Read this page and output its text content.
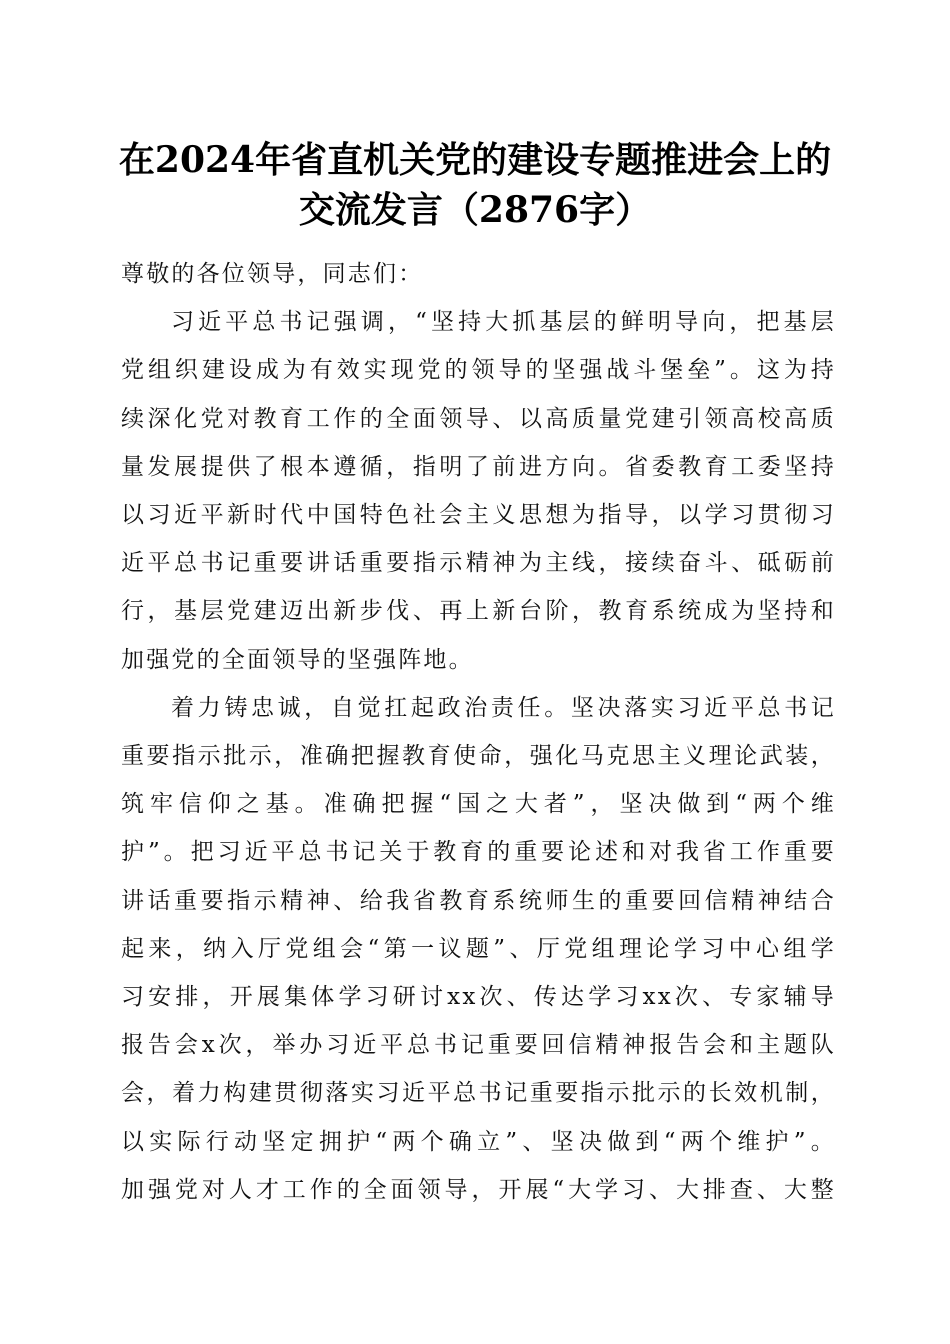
在2024年省直机关党的建设专题推进会上的
交流发言（2876字）
尊敬的各位领导，同志们：
习近平总书记强调，“坚持大抓基层的鲜明导向，把基层
党组织建设成为有效实现党的领导的坚强战斗堡垒”。这为持
续深化党对教育工作的全面领导、以高质量党建引领高校高质
量发展提供了根本遵循，指明了前进方向。省委教育工委坚持
以习近平新时代中国特色社会主义思想为指导，以学习贯彻习
近平总书记重要讲话重要指示精神为主线，接续奋斗、砥砺前
行，基层党建迈出新步伐、再上新台阶，教育系统成为坚持和
加强党的全面领导的坚强阵地。
着力铸忠诚，自觉扛起政治责任。坚决落实习近平总书记
重要指示批示，准确把握教育使命，强化马克思主义理论武装，
筑牢信仰之基。准确把握“国之大者”，坚决做到“两个维
护”。把习近平总书记关于教育的重要论述和对我省工作重要
讲话重要指示精神、给我省教育系统师生的重要回信精神结合
起来，纳入厅党组会“第一议题”、厅党组理论学习中心组学
习安排，开展集体学习研讨xx次、传达学习xx次、专家辅导
报告会x次，举办习近平总书记重要回信精神报告会和主题队
会，着力构建贯彻落实习近平总书记重要指示批示的长效机制，
以实际行动坚定拥护“两个确立”、坚决做到“两个维护”。
加强党对人才工作的全面领导，开展“大学习、大排查、大整
